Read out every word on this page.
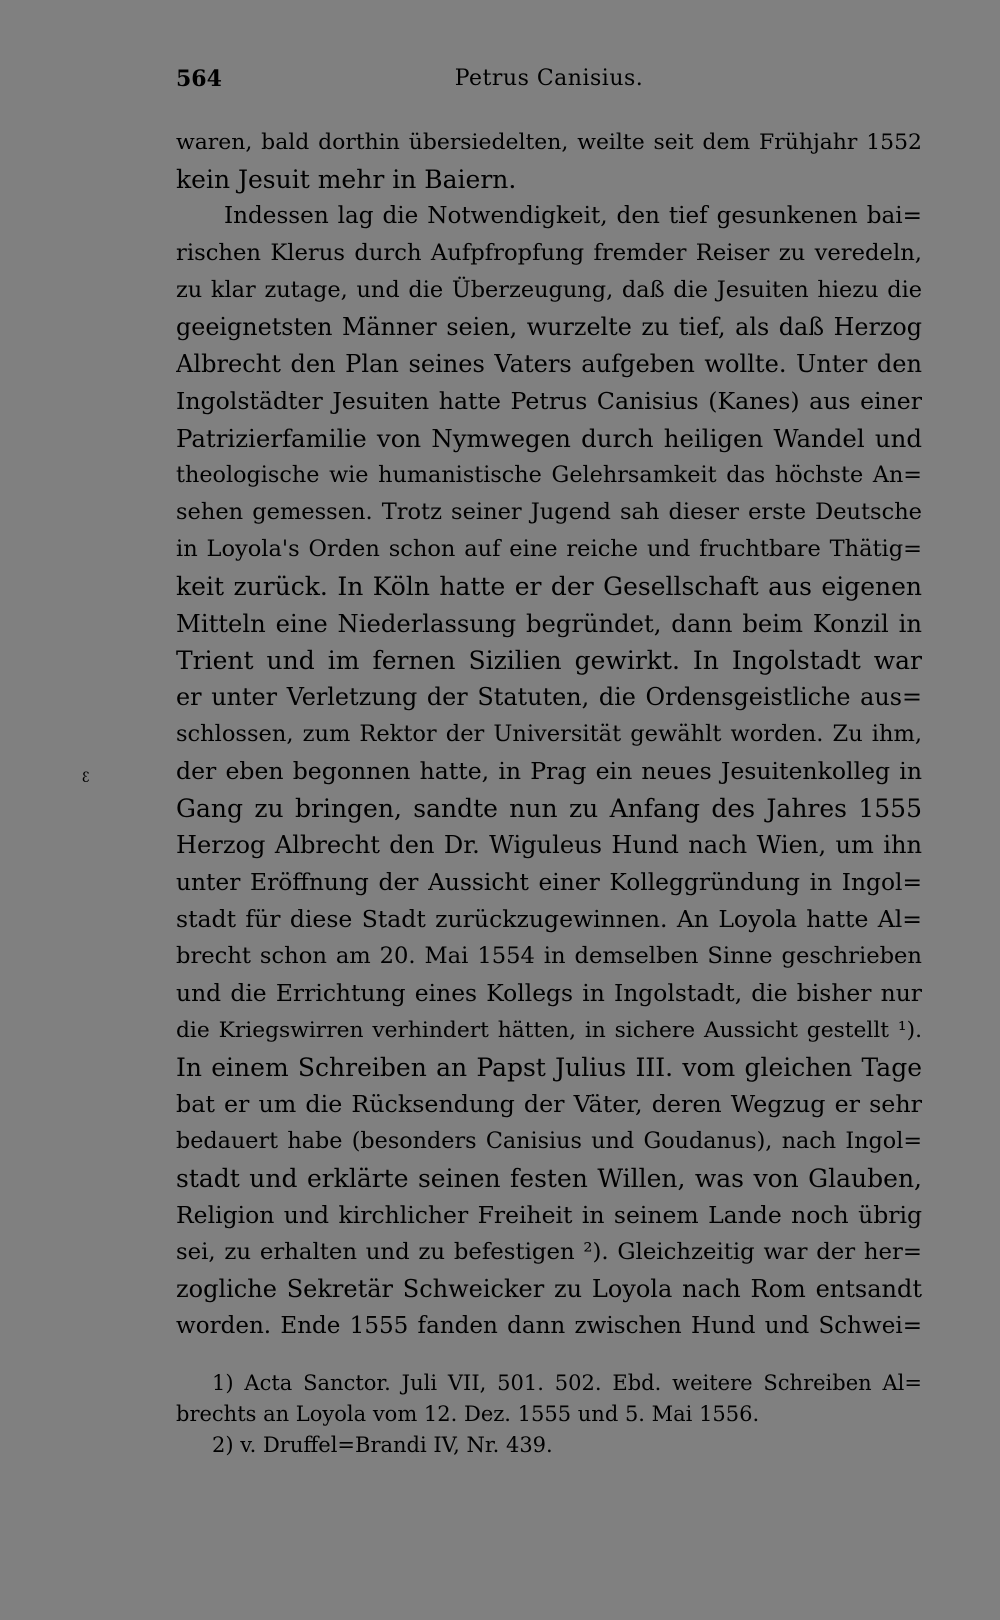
564	Petrus Canisius.
ꜫ
waren, bald dorthin übersiedelten, weilte seit dem Frühjahr 1552
kein Jesuit mehr in Baiern.
Indessen lag die Notwendigkeit, den tief gesunkenen bai=
rischen Klerus durch Aufpfropfung fremder Reiser zu veredeln,
zu klar zutage, und die Überzeugung, daß die Jesuiten hiezu die
geeignetsten Männer seien, wurzelte zu tief, als daß Herzog
Albrecht den Plan seines Vaters aufgeben wollte. Unter den
Ingolstädter Jesuiten hatte Petrus Canisius (Kanes) aus einer
Patrizierfamilie von Nymwegen durch heiligen Wandel und
theologische wie humanistische Gelehrsamkeit das höchste An=
sehen gemessen. Trotz seiner Jugend sah dieser erste Deutsche
in Loyola's Orden schon auf eine reiche und fruchtbare Thätig=
keit zurück. In Köln hatte er der Gesellschaft aus eigenen
Mitteln eine Niederlassung begründet, dann beim Konzil in
Trient und im fernen Sizilien gewirkt. In Ingolstadt war
er unter Verletzung der Statuten, die Ordensgeistliche aus=
schlossen, zum Rektor der Universität gewählt worden. Zu ihm,
der eben begonnen hatte, in Prag ein neues Jesuitenkolleg in
Gang zu bringen, sandte nun zu Anfang des Jahres 1555
Herzog Albrecht den Dr. Wiguleus Hund nach Wien, um ihn
unter Eröffnung der Aussicht einer Kolleggründung in Ingol=
stadt für diese Stadt zurückzugewinnen. An Loyola hatte Al=
brecht schon am 20. Mai 1554 in demselben Sinne geschrieben
und die Errichtung eines Kollegs in Ingolstadt, die bisher nur
die Kriegswirren verhindert hätten, in sichere Aussicht gestellt ¹).
In einem Schreiben an Papst Julius III. vom gleichen Tage
bat er um die Rücksendung der Väter, deren Wegzug er sehr
bedauert habe (besonders Canisius und Goudanus), nach Ingol=
stadt und erklärte seinen festen Willen, was von Glauben,
Religion und kirchlicher Freiheit in seinem Lande noch übrig
sei, zu erhalten und zu befestigen ²). Gleichzeitig war der her=
zogliche Sekretär Schweicker zu Loyola nach Rom entsandt
worden. Ende 1555 fanden dann zwischen Hund und Schwei=
1) Acta Sanctor. Juli VII, 501. 502. Ebd. weitere Schreiben Al=
brechts an Loyola vom 12. Dez. 1555 und 5. Mai 1556.
2) v. Druffel=Brandi IV, Nr. 439.
